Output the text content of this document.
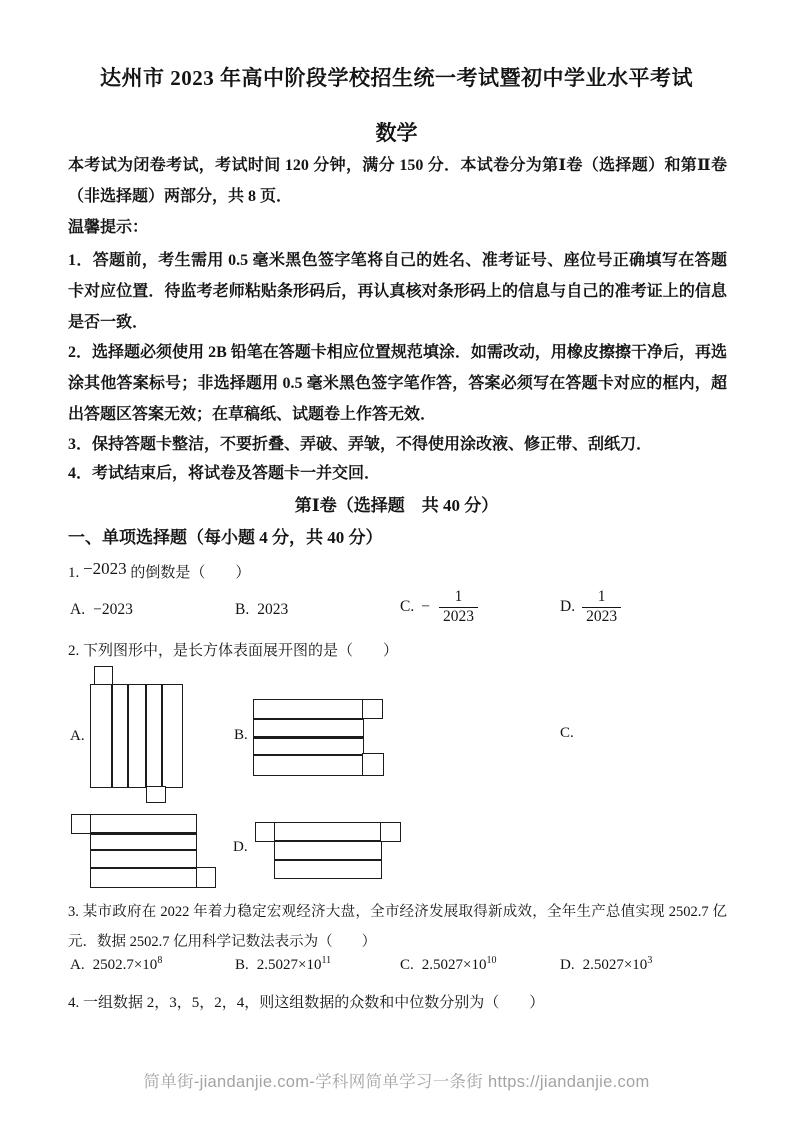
达州市 2023 年高中阶段学校招生统一考试暨初中学业水平考试

数学

本考试为闭卷考试，考试时间 120 分钟，满分 150 分．本试卷分为第Ⅰ卷（选择题）和第Ⅱ卷（非选择题）两部分，共 8 页．

温馨提示：

1．答题前，考生需用 0.5 毫米黑色签字笔将自己的姓名、准考证号、座位号正确填写在答题卡对应位置．待监考老师粘贴条形码后，再认真核对条形码上的信息与自己的准考证上的信息是否一致．

2．选择题必须使用 2B 铅笔在答题卡相应位置规范填涂．如需改动，用橡皮擦擦干净后，再选涂其他答案标号；非选择题用 0.5 毫米黑色签字笔作答，答案必须写在答题卡对应的框内，超出答题区答案无效；在草稿纸、试题卷上作答无效．

3．保持答题卡整洁，不要折叠、弄破、弄皱，不得使用涂改液、修正带、刮纸刀．

4．考试结束后，将试卷及答题卡一并交回．

第Ⅰ卷（选择题　共 40 分）

一、单项选择题（每小题 4 分，共 40 分）

1. −2023 的倒数是（　　）

A. −2023	B. 2023	C. − $\frac{1}{2023}$	D. $\frac{1}{2023}$

2. 下列图形中，是长方体表面展开图的是（　　）

A.	B.	C.
D.

3. 某市政府在 2022 年着力稳定宏观经济大盘，全市经济发展取得新成效，全年生产总值实现 2502.7 亿元．数据 2502.7 亿用科学记数法表示为（　　）

A. $2502.7\times 10^8$	B. $2.5027\times 10^{11}$	C. $2.5027\times 10^{10}$	D. $2.5027\times 10^3$

4. 一组数据 2，3，5，2，4，则这组数据的众数和中位数分别为（　　）

简单街-jiandanjie.com-学科网简单学习一条街 https://jiandanjie.com
